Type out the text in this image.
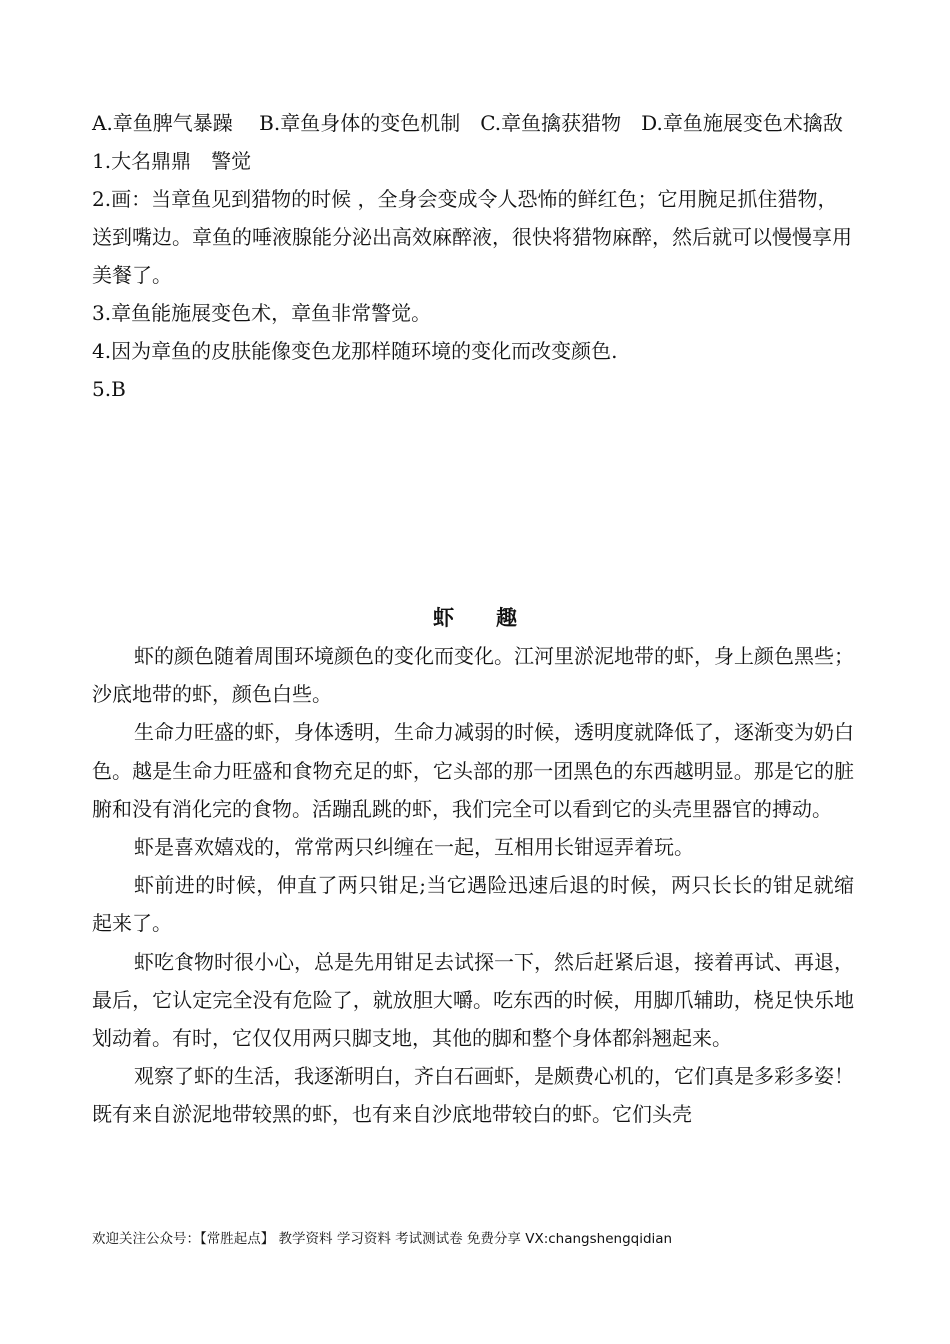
A.章鱼脾气暴躁　 B.章鱼身体的变色机制　C.章鱼擒获猎物　D.章鱼施展变色术擒敌

1.大名鼎鼎　警觉

2.画：当章鱼见到猎物的时候 ，全身会变成令人恐怖的鲜红色；它用腕足抓住猎物，送到嘴边。章鱼的唾液腺能分泌出高效麻醉液，很快将猎物麻醉，然后就可以慢慢享用美餐了。

3.章鱼能施展变色术，章鱼非常警觉。

4.因为章鱼的皮肤能像变色龙那样随环境的变化而改变颜色.

5.B

虾 趣

虾的颜色随着周围环境颜色的变化而变化。江河里淤泥地带的虾，身上颜色黑些；沙底地带的虾，颜色白些。

生命力旺盛的虾，身体透明，生命力减弱的时候，透明度就降低了，逐渐变为奶白色。越是生命力旺盛和食物充足的虾，它头部的那一团黑色的东西越明显。那是它的脏腑和没有消化完的食物。活蹦乱跳的虾，我们完全可以看到它的头壳里器官的搏动。

虾是喜欢嬉戏的，常常两只纠缠在一起，互相用长钳逗弄着玩。

虾前进的时候，伸直了两只钳足;当它遇险迅速后退的时候，两只长长的钳足就缩起来了。

虾吃食物时很小心，总是先用钳足去试探一下，然后赶紧后退，接着再试、再退，最后，它认定完全没有危险了，就放胆大嚼。吃东西的时候，用脚爪辅助，桡足快乐地划动着。有时，它仅仅用两只脚支地，其他的脚和整个身体都斜翘起来。

观察了虾的生活，我逐渐明白，齐白石画虾，是颇费心机的，它们真是多彩多姿！既有来自淤泥地带较黑的虾，也有来自沙底地带较白的虾。它们头壳

欢迎关注公众号：【常胜起点】 教学资料 学习资料 考试测试卷 免费分享 VX:changshengqidian
